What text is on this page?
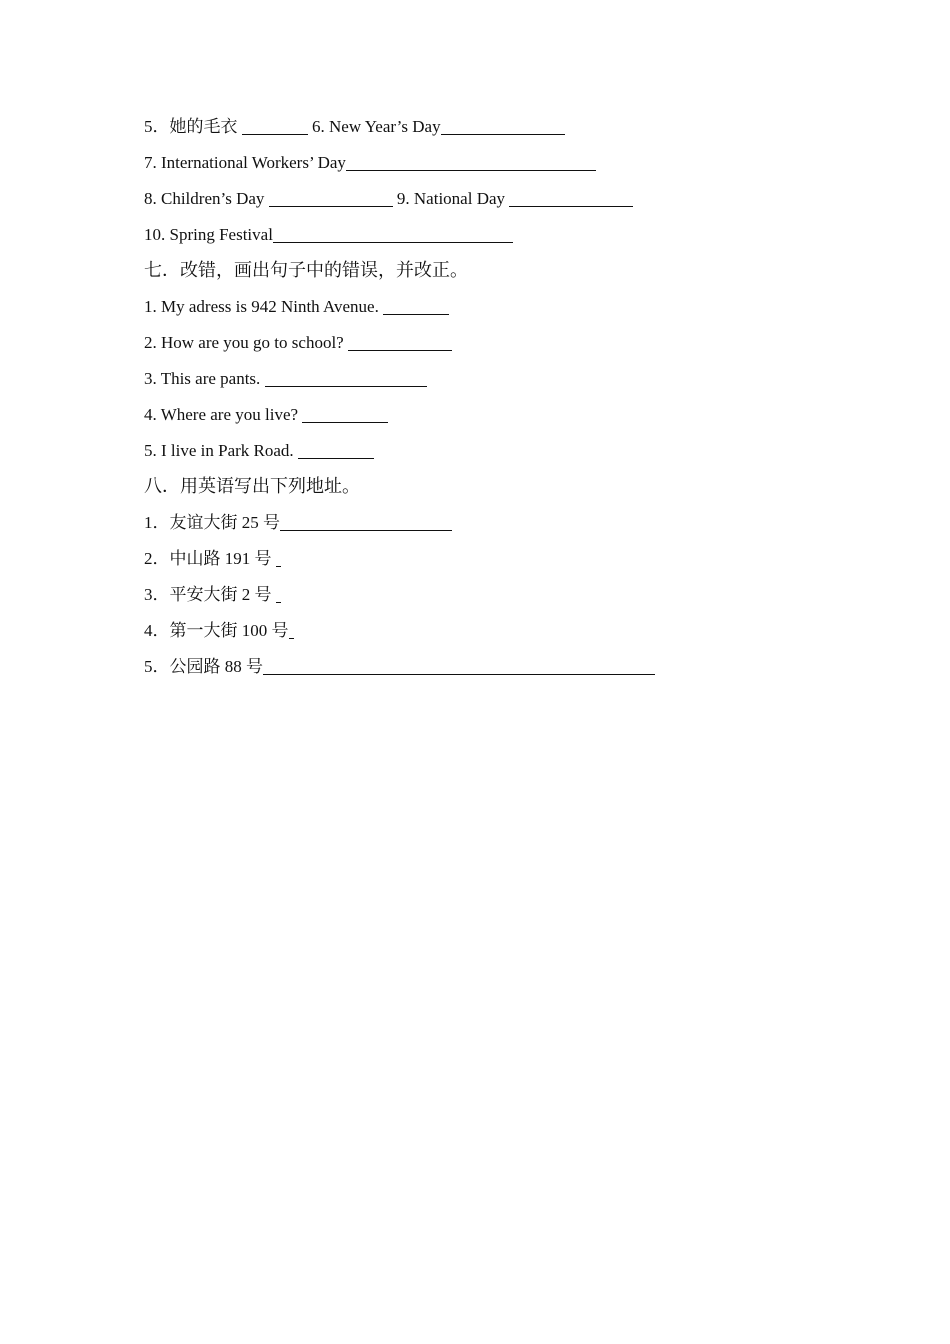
5．她的毛衣	6. New Year’s Day
7. International Workers’ Day
8. Children’s Day	9. National Day
10. Spring Festival
七．改错，画出句子中的错误，并改正。
1. My adress is 942 Ninth Avenue.
2. How are you go to school?
3. This are pants.
4. Where are you live?
5. I live in Park Road.
八．用英语写出下列地址。
1．友谊大街 25 号
2．中山路 191 号
3．平安大街 2 号
4．第一大街 100 号
5．公园路 88 号
